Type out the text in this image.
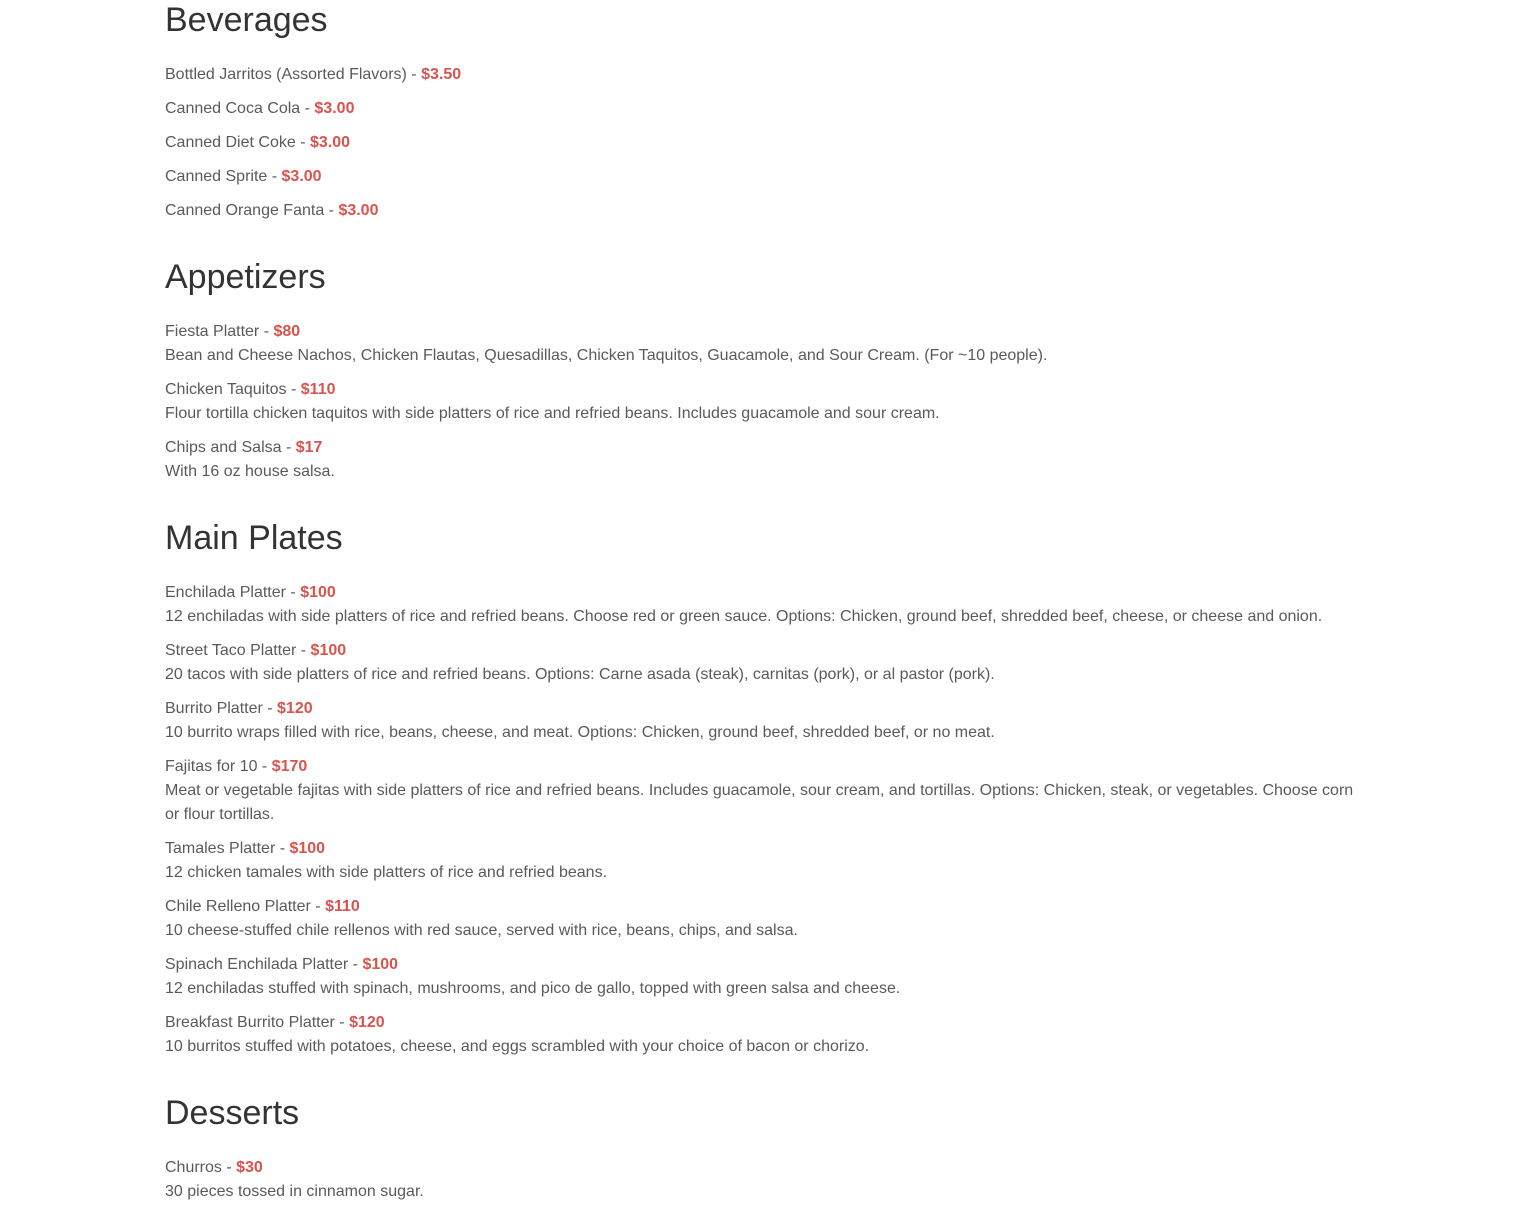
Beverages
Bottled Jarritos (Assorted Flavors) - $3.50
Canned Coca Cola - $3.00
Canned Diet Coke - $3.00
Canned Sprite - $3.00
Canned Orange Fanta - $3.00
Appetizers
Fiesta Platter - $80
Bean and Cheese Nachos, Chicken Flautas, Quesadillas, Chicken Taquitos, Guacamole, and Sour Cream. (For ~10 people).
Chicken Taquitos - $110
Flour tortilla chicken taquitos with side platters of rice and refried beans. Includes guacamole and sour cream.
Chips and Salsa - $17
With 16 oz house salsa.
Main Plates
Enchilada Platter - $100
12 enchiladas with side platters of rice and refried beans. Choose red or green sauce. Options: Chicken, ground beef, shredded beef, cheese, or cheese and onion.
Street Taco Platter - $100
20 tacos with side platters of rice and refried beans. Options: Carne asada (steak), carnitas (pork), or al pastor (pork).
Burrito Platter - $120
10 burrito wraps filled with rice, beans, cheese, and meat. Options: Chicken, ground beef, shredded beef, or no meat.
Fajitas for 10 - $170
Meat or vegetable fajitas with side platters of rice and refried beans. Includes guacamole, sour cream, and tortillas. Options: Chicken, steak, or vegetables. Choose corn or flour tortillas.
Tamales Platter - $100
12 chicken tamales with side platters of rice and refried beans.
Chile Relleno Platter - $110
10 cheese-stuffed chile rellenos with red sauce, served with rice, beans, chips, and salsa.
Spinach Enchilada Platter - $100
12 enchiladas stuffed with spinach, mushrooms, and pico de gallo, topped with green salsa and cheese.
Breakfast Burrito Platter - $120
10 burritos stuffed with potatoes, cheese, and eggs scrambled with your choice of bacon or chorizo.
Desserts
Churros - $30
30 pieces tossed in cinnamon sugar.
